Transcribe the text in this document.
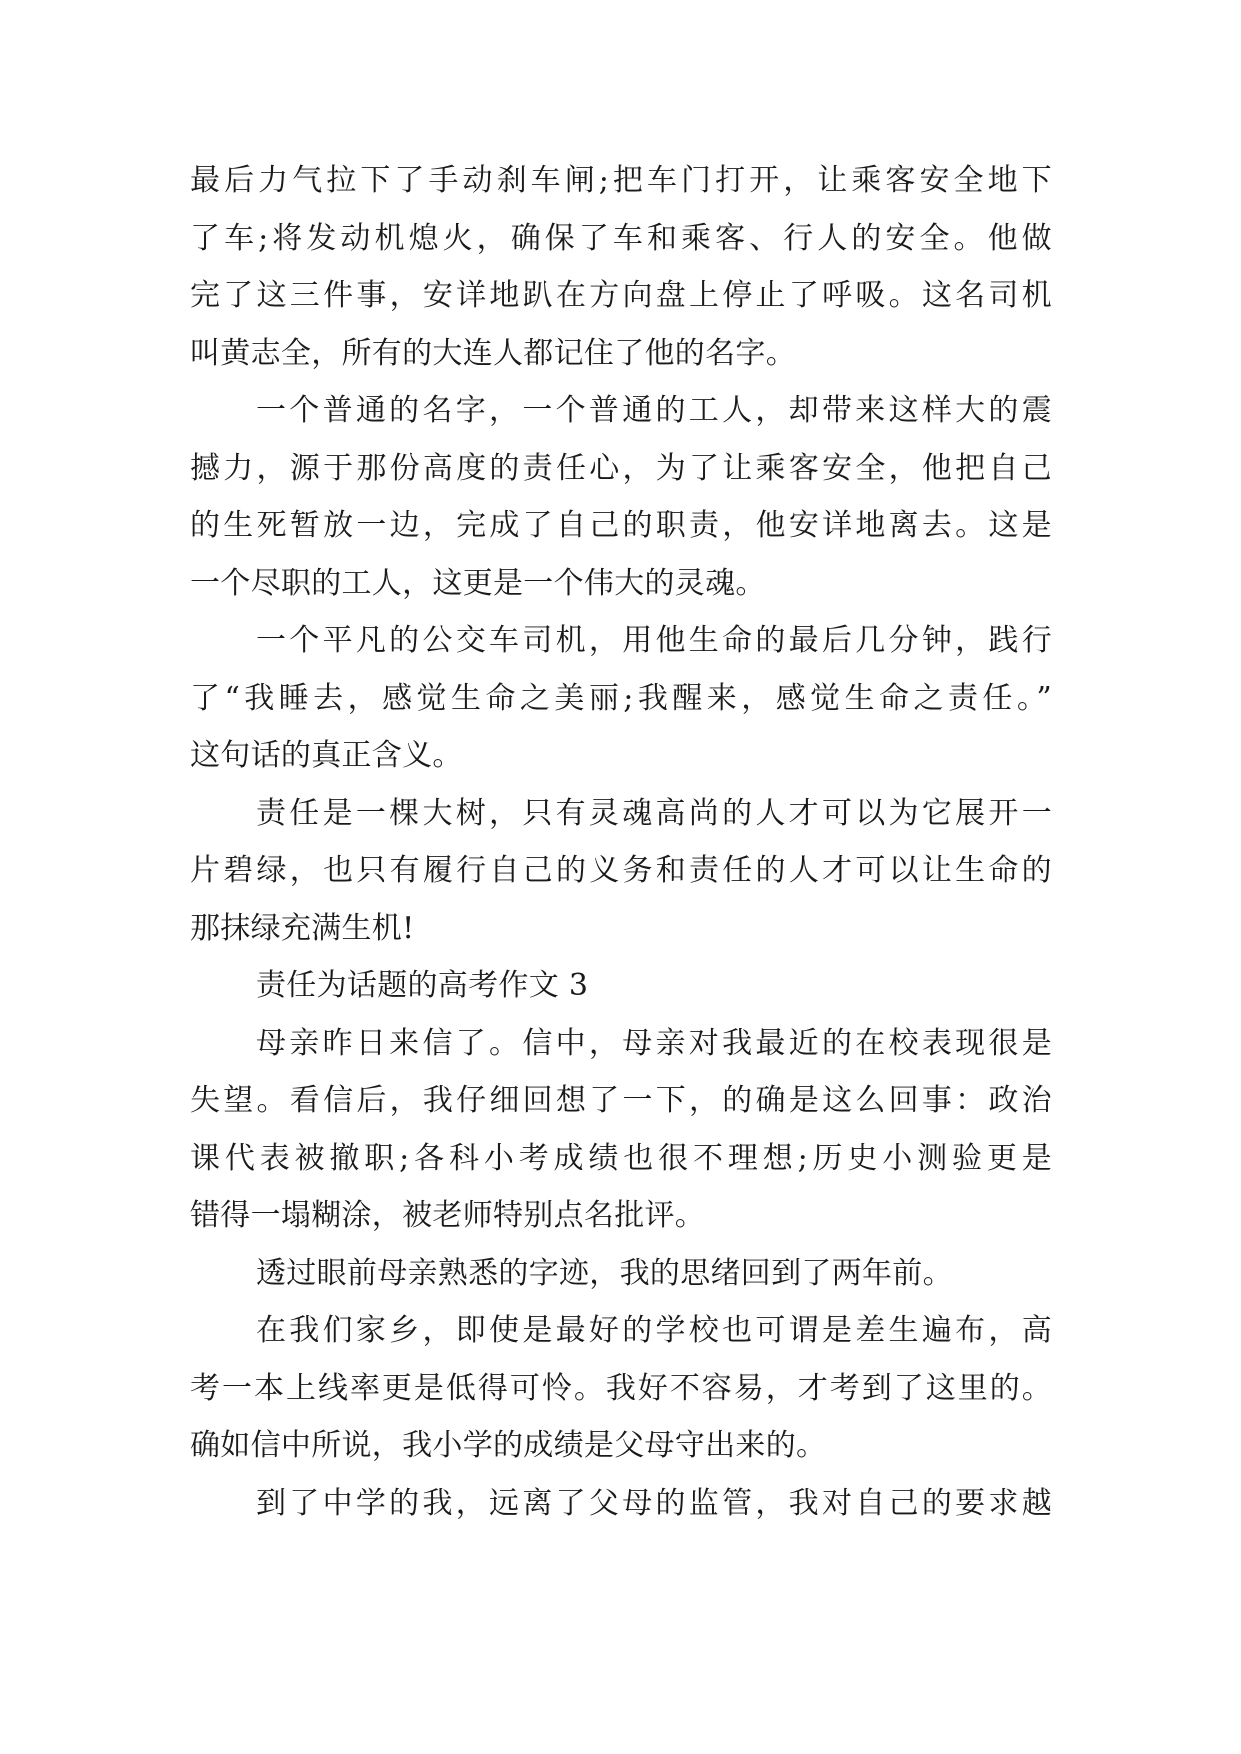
最后力气拉下了手动刹车闸;把车门打开，让乘客安全地下
了车;将发动机熄火，确保了车和乘客、行人的安全。他做
完了这三件事，安详地趴在方向盘上停止了呼吸。这名司机
叫黄志全，所有的大连人都记住了他的名字。

一个普通的名字，一个普通的工人，却带来这样大的震
撼力，源于那份高度的责任心，为了让乘客安全，他把自己
的生死暂放一边，完成了自己的职责，他安详地离去。这是
一个尽职的工人，这更是一个伟大的灵魂。

一个平凡的公交车司机，用他生命的最后几分钟，践行
了“我睡去，感觉生命之美丽;我醒来，感觉生命之责任。”
这句话的真正含义。

责任是一棵大树，只有灵魂高尚的人才可以为它展开一
片碧绿，也只有履行自己的义务和责任的人才可以让生命的
那抹绿充满生机!

责任为话题的高考作文 3

母亲昨日来信了。信中，母亲对我最近的在校表现很是
失望。看信后，我仔细回想了一下，的确是这么回事：政治
课代表被撤职;各科小考成绩也很不理想;历史小测验更是
错得一塌糊涂，被老师特别点名批评。

透过眼前母亲熟悉的字迹，我的思绪回到了两年前。

在我们家乡，即使是最好的学校也可谓是差生遍布，高
考一本上线率更是低得可怜。我好不容易，才考到了这里的。
确如信中所说，我小学的成绩是父母守出来的。

到了中学的我，远离了父母的监管，我对自己的要求越
